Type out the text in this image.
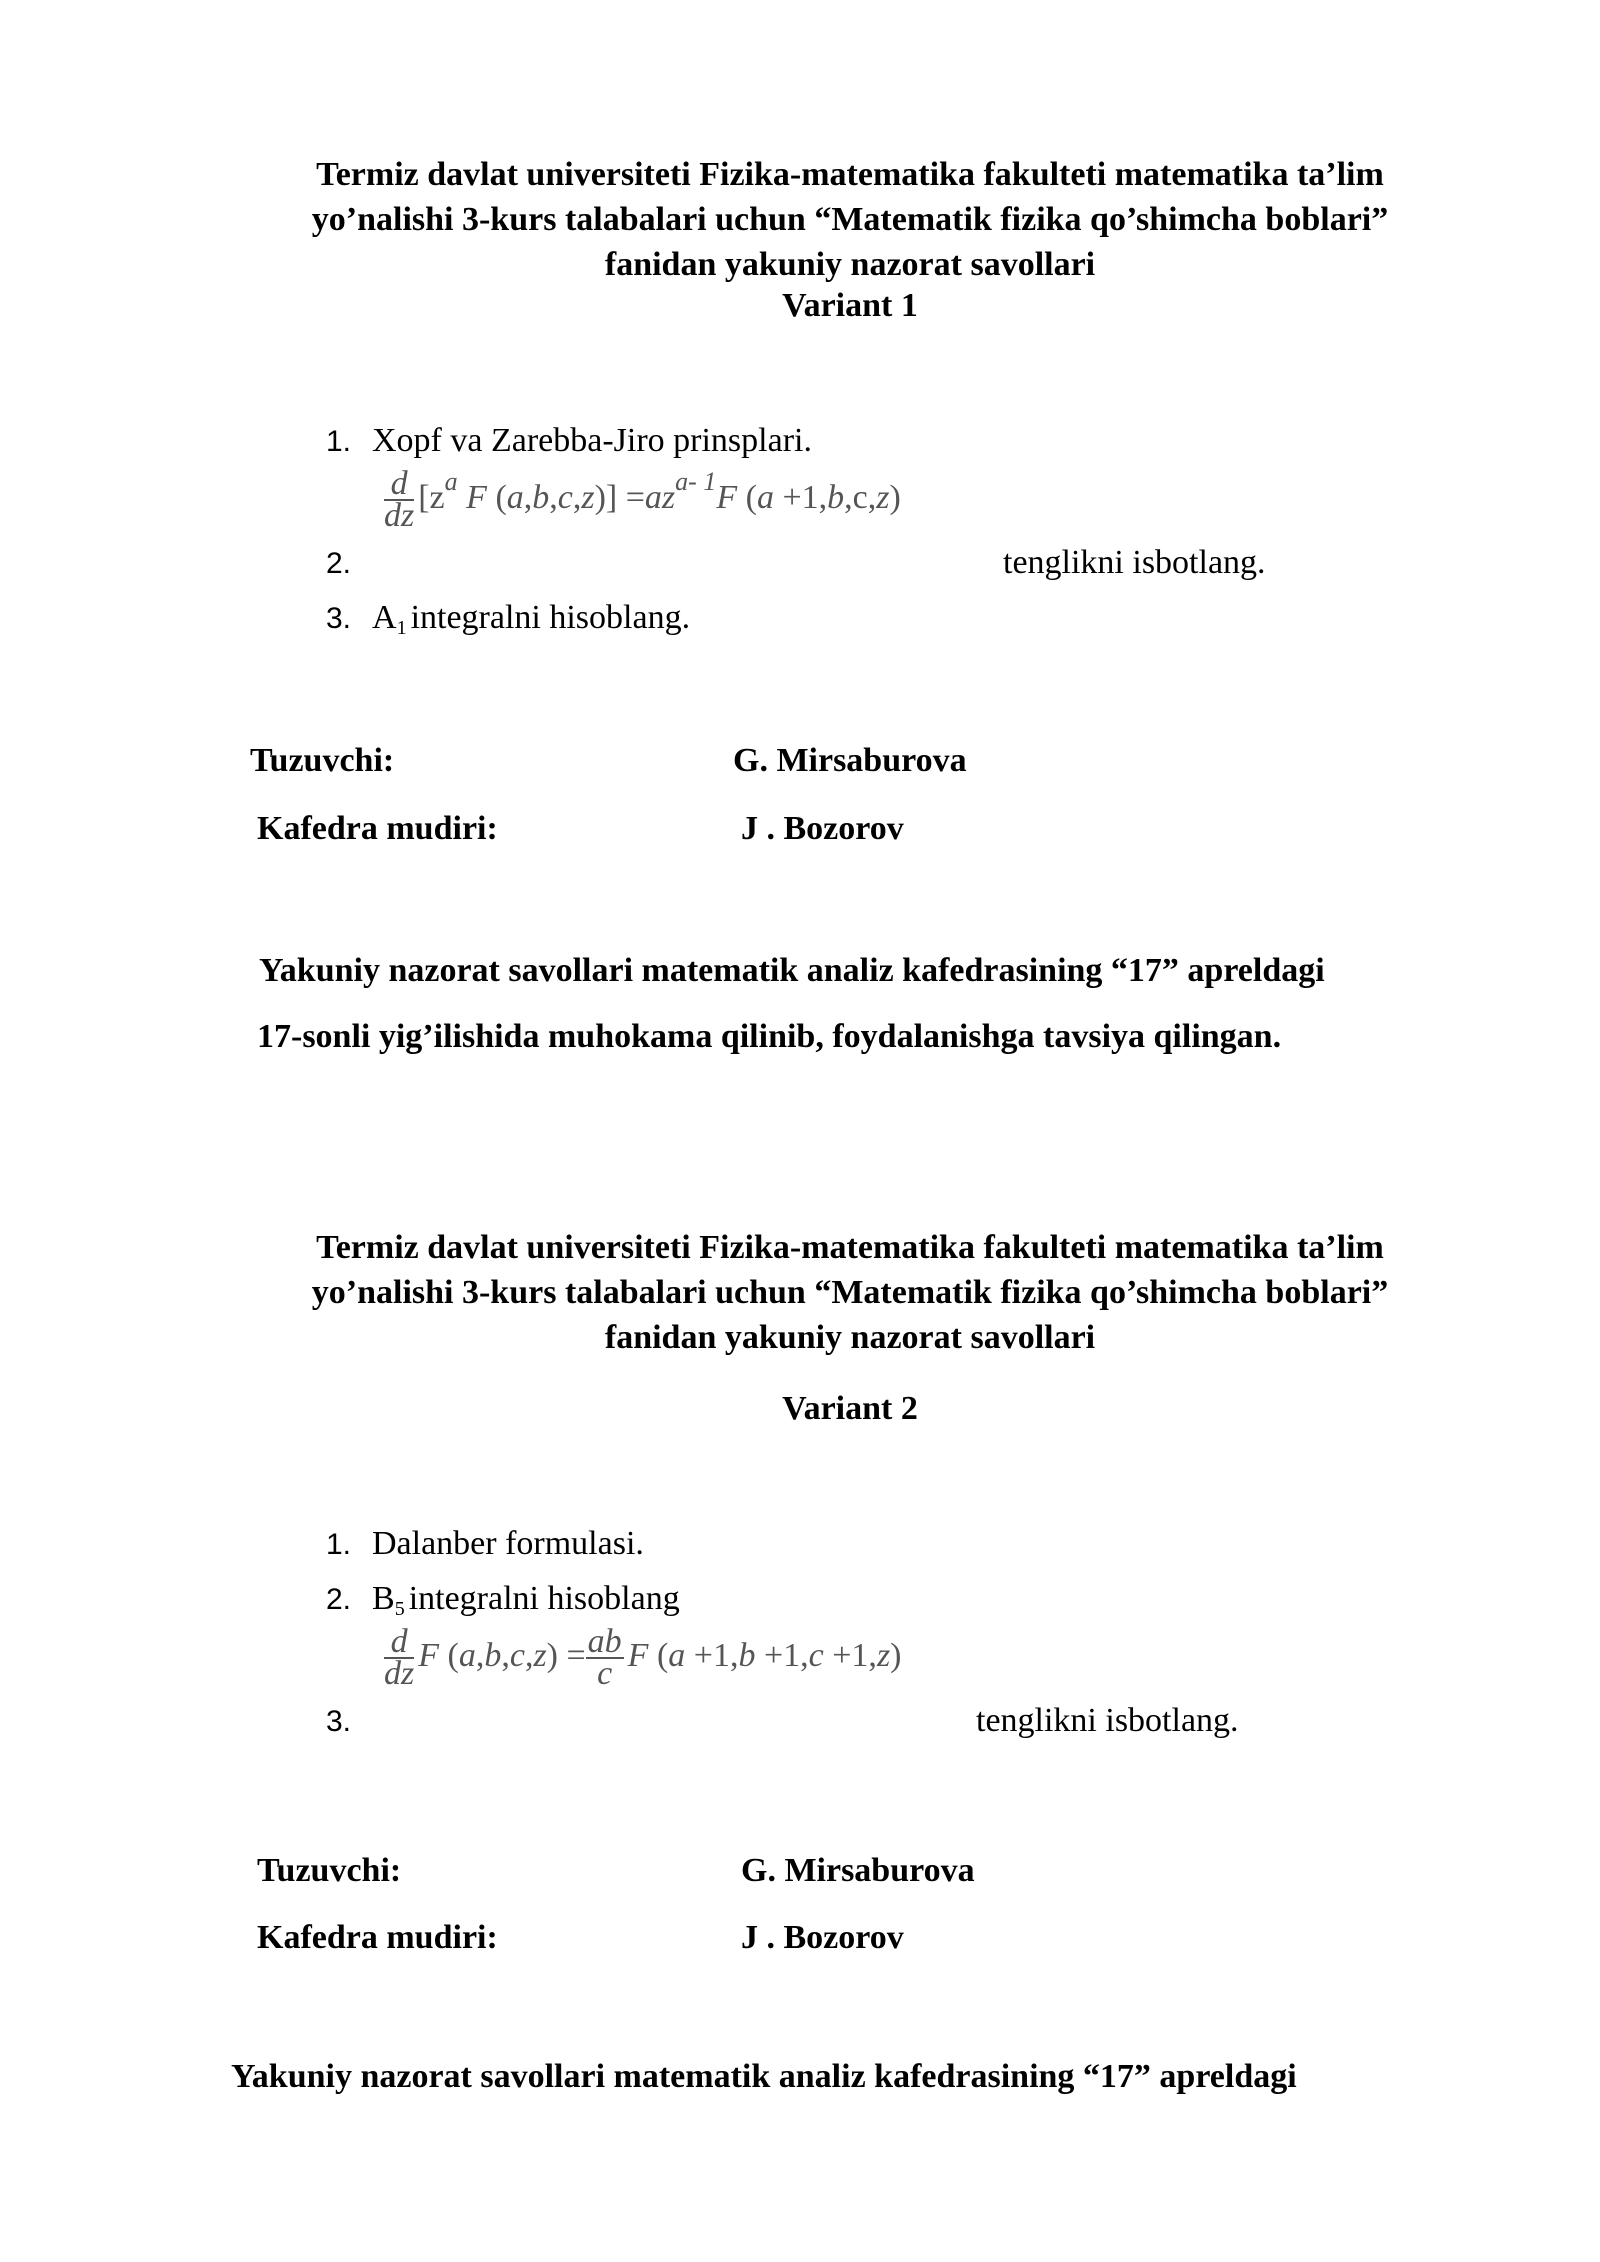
Termiz davlat universiteti Fizika-matematika fakulteti matematika ta’lim
yo’nalishi 3-kurs talabalari uchun “Matematik fizika qo’shimcha boblari”
fanidan yakuniy nazorat savollari
Variant 1
1. Xopf va Zarebba-Jiro prinsplari.
$\frac{d}{dz} [z^a$ F $(a,b,c,z)] =az^{a- 1}F$ (a +1,b,c,z)
2.	tenglikni isbotlang.
3. $A_1$ integralni hisoblang.
Tuzuvchi:	G. Mirsaburova
Kafedra mudiri:	J . Bozorov
Yakuniy nazorat savollari matematik analiz kafedrasining “17” apreldagi
17-sonli yig’ilishida muhokama qilinib, foydalanishga tavsiya qilingan.
Termiz davlat universiteti Fizika-matematika fakulteti matematika ta’lim
yo’nalishi 3-kurs talabalari uchun “Matematik fizika qo’shimcha boblari”
fanidan yakuniy nazorat savollari
Variant 2
1. Dalanber formulasi.
2. $B_5$ integralni hisoblang
$\frac{d}{dz}$ F $(a,b,c,z) = \frac{ab}{c}$ F (a +1,b +1,c +1,z)
3.	tenglikni isbotlang.
Tuzuvchi:	G. Mirsaburova
Kafedra mudiri:	J . Bozorov
Yakuniy nazorat savollari matematik analiz kafedrasining “17” apreldagi
